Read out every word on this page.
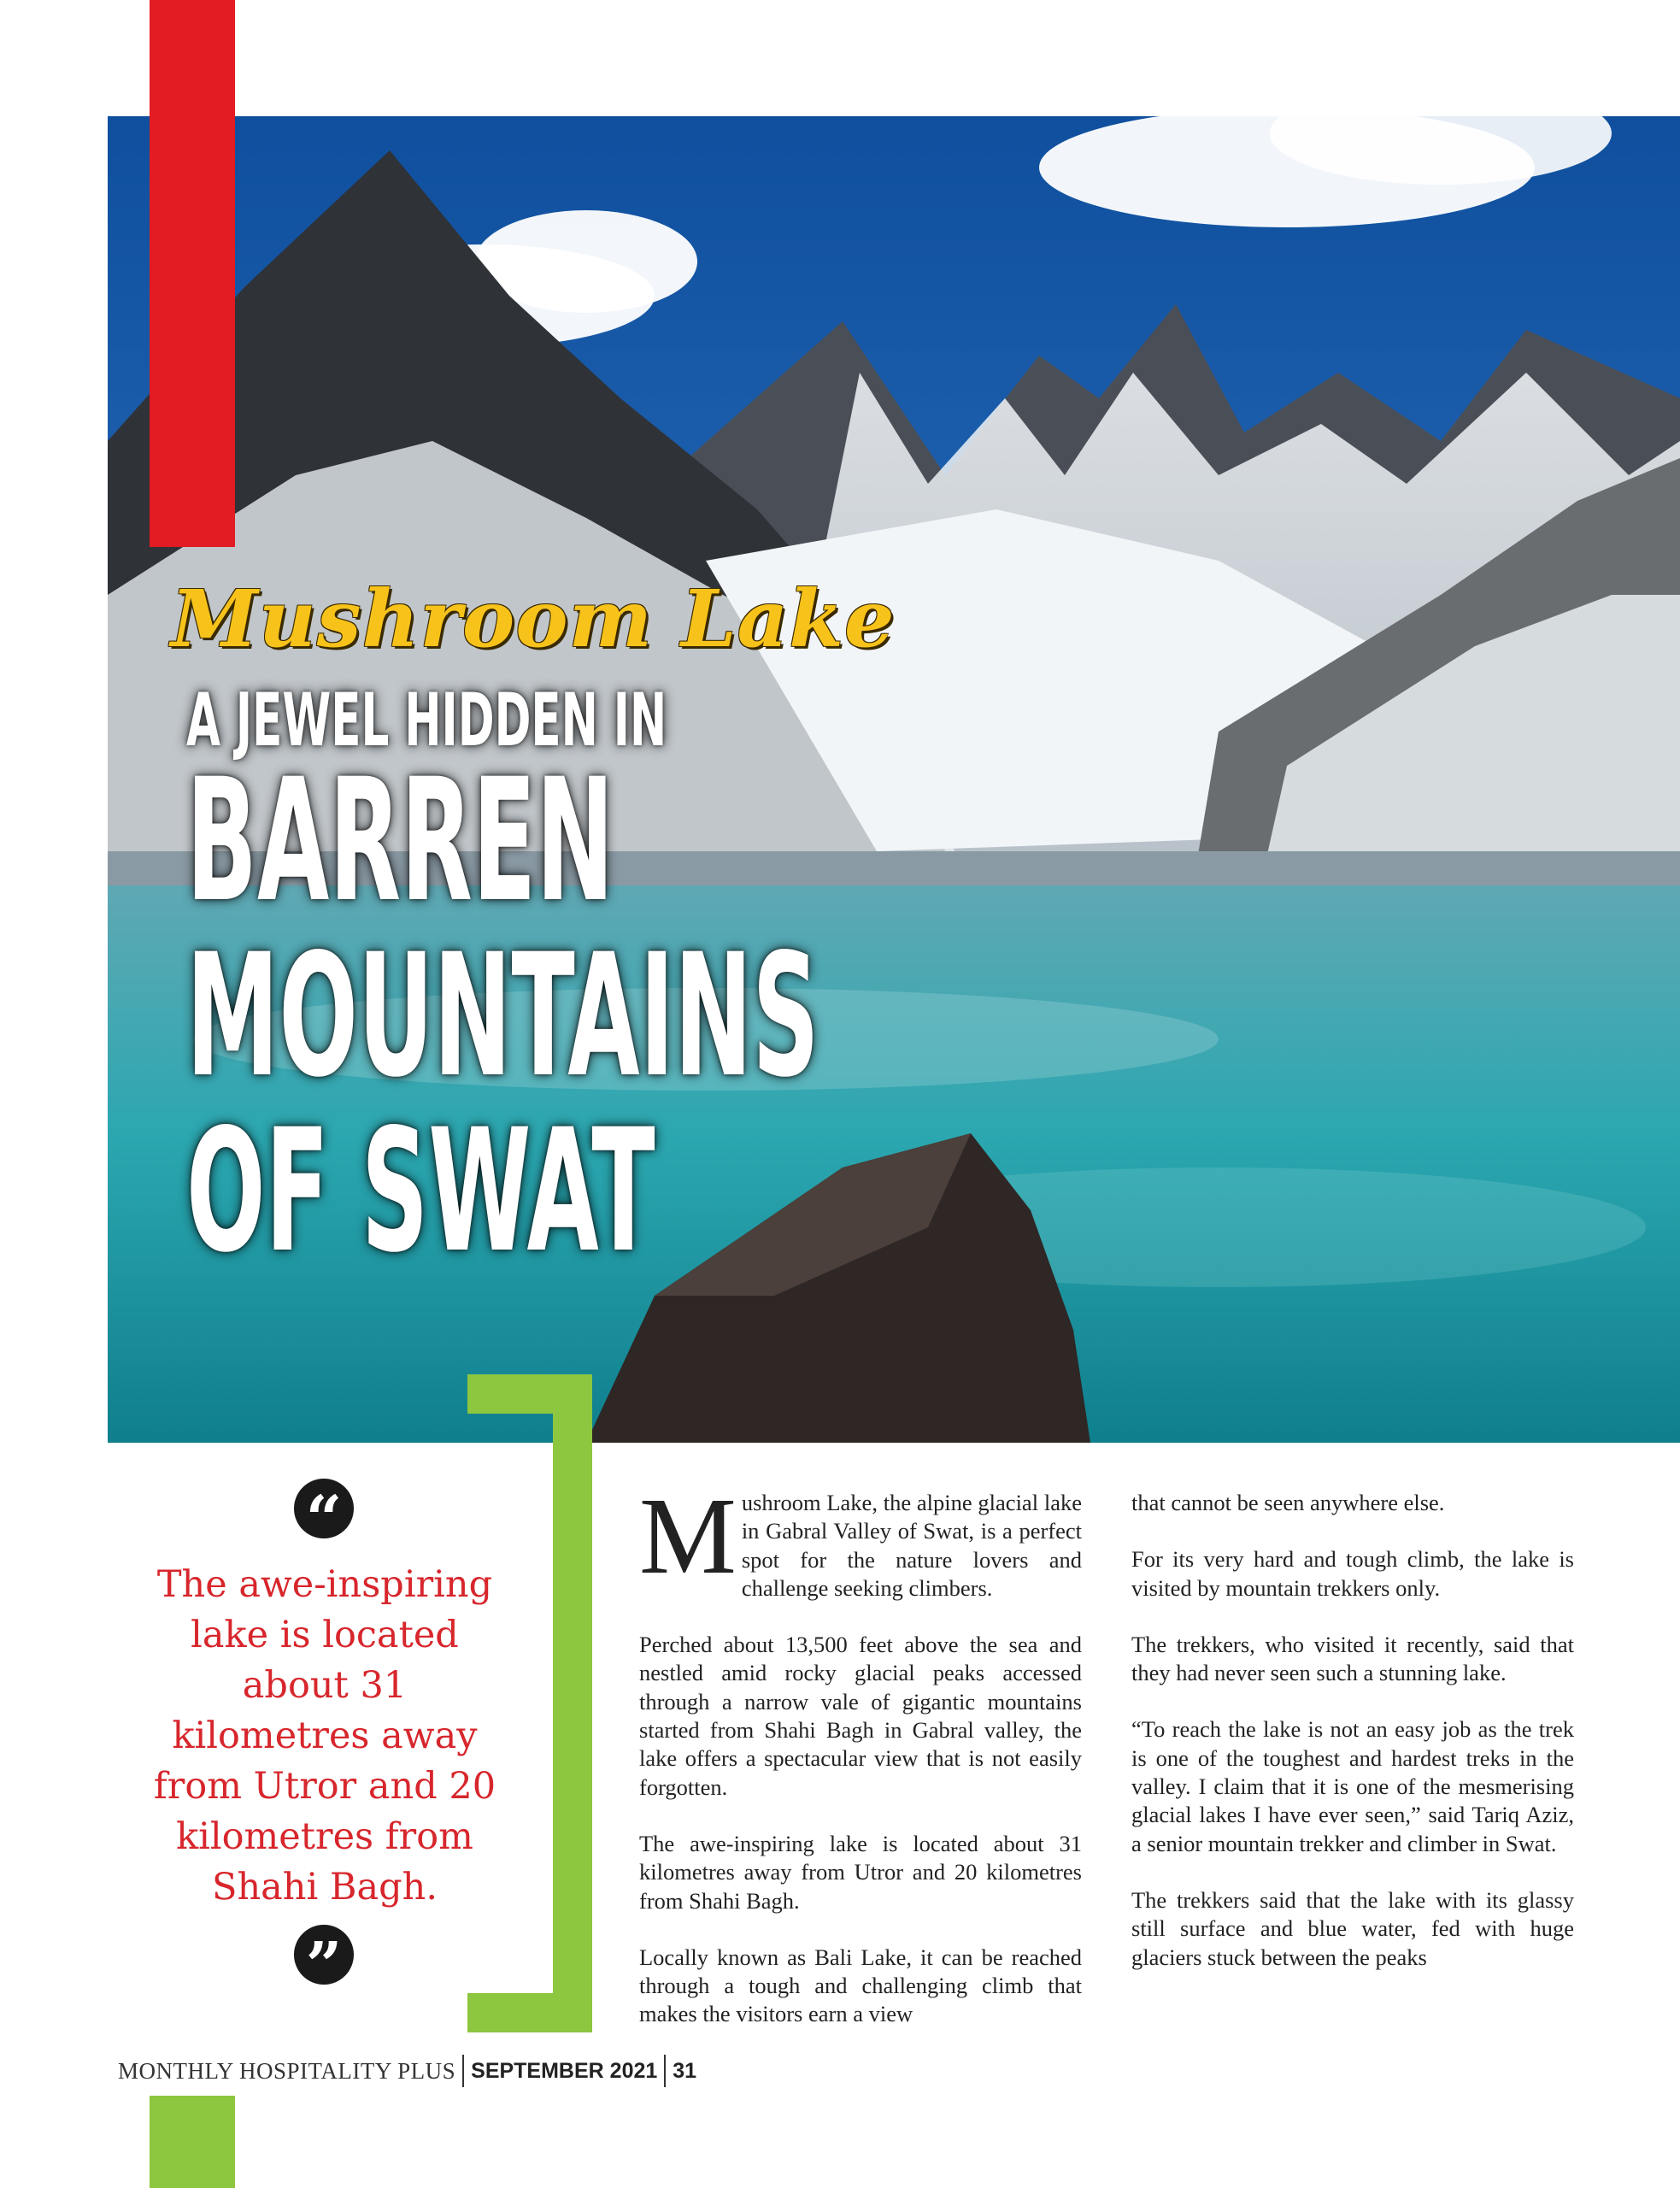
Mushroom Lake
A JEWEL HIDDEN IN
BARREN
MOUNTAINS
OF SWAT
“

The awe-inspiring lake is located about 31 kilometres away from Utror and 20 kilometres from Shahi Bagh.

”

Mushroom Lake, the alpine glacial lake in Gabral Valley of Swat, is a perfect spot for the nature lovers and challenge seeking climbers.

Perched about 13,500 feet above the sea and nestled amid rocky glacial peaks accessed through a narrow vale of gigantic mountains started from Shahi Bagh in Gabral valley, the lake offers a spectacular view that is not easily forgotten.

The awe-inspiring lake is located about 31 kilometres away from Utror and 20 kilometres from Shahi Bagh.

Locally known as Bali Lake, it can be reached through a tough and challenging climb that makes the visitors earn a view

that cannot be seen anywhere else.

For its very hard and tough climb, the lake is visited by mountain trekkers only.

The trekkers, who visited it recently, said that they had never seen such a stunning lake.

“To reach the lake is not an easy job as the trek is one of the toughest and hardest treks in the valley. I claim that it is one of the mesmerising glacial lakes I have ever seen,” said Tariq Aziz, a senior mountain trekker and climber in Swat.

The trekkers said that the lake with its glassy still surface and blue water, fed with huge glaciers stuck between the peaks

MONTHLY HOSPITALITY PLUS SEPTEMBER 2021 31
